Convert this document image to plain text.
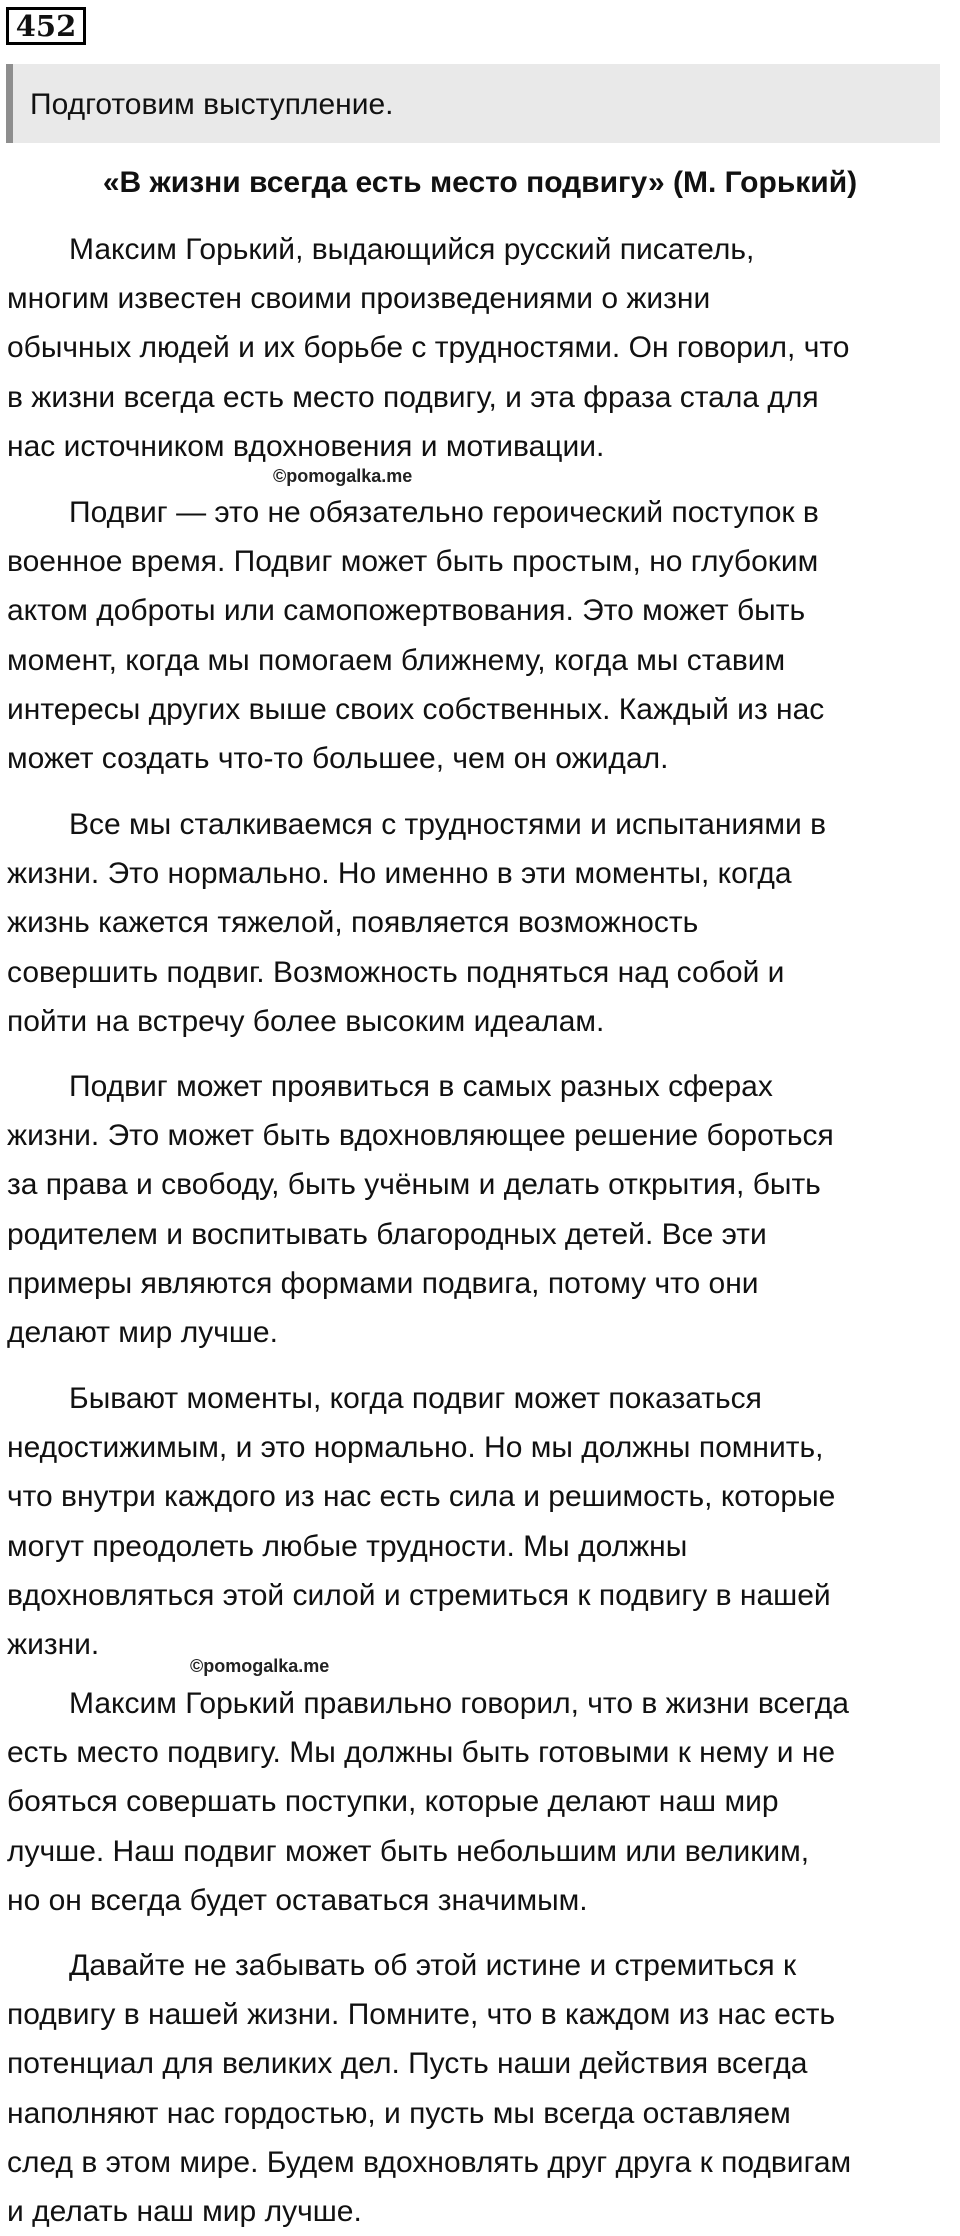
452
Подготовим выступление.
«В жизни всегда есть место подвигу» (М. Горький)

Максим Горький, выдающийся русский писатель,
многим известен своими произведениями о жизни
обычных людей и их борьбе с трудностями. Он говорил, что
в жизни всегда есть место подвигу, и эта фраза стала для
нас источником вдохновения и мотивации.

©pomogalka.me

Подвиг — это не обязательно героический поступок в
военное время. Подвиг может быть простым, но глубоким
актом доброты или самопожертвования. Это может быть
момент, когда мы помогаем ближнему, когда мы ставим
интересы других выше своих собственных. Каждый из нас
может создать что-то большее, чем он ожидал.

Все мы сталкиваемся с трудностями и испытаниями в
жизни. Это нормально. Но именно в эти моменты, когда
жизнь кажется тяжелой, появляется возможность
совершить подвиг. Возможность подняться над собой и
пойти на встречу более высоким идеалам.

Подвиг может проявиться в самых разных сферах
жизни. Это может быть вдохновляющее решение бороться
за права и свободу, быть учёным и делать открытия, быть
родителем и воспитывать благородных детей. Все эти
примеры являются формами подвига, потому что они
делают мир лучше.

Бывают моменты, когда подвиг может показаться
недостижимым, и это нормально. Но мы должны помнить,
что внутри каждого из нас есть сила и решимость, которые
могут преодолеть любые трудности. Мы должны
вдохновляться этой силой и стремиться к подвигу в нашей
жизни.

©pomogalka.me

Максим Горький правильно говорил, что в жизни всегда
есть место подвигу. Мы должны быть готовыми к нему и не
бояться совершать поступки, которые делают наш мир
лучше. Наш подвиг может быть небольшим или великим,
но он всегда будет оставаться значимым.

Давайте не забывать об этой истине и стремиться к
подвигу в нашей жизни. Помните, что в каждом из нас есть
потенциал для великих дел. Пусть наши действия всегда
наполняют нас гордостью, и пусть мы всегда оставляем
след в этом мире. Будем вдохновлять друг друга к подвигам
и делать наш мир лучше.
